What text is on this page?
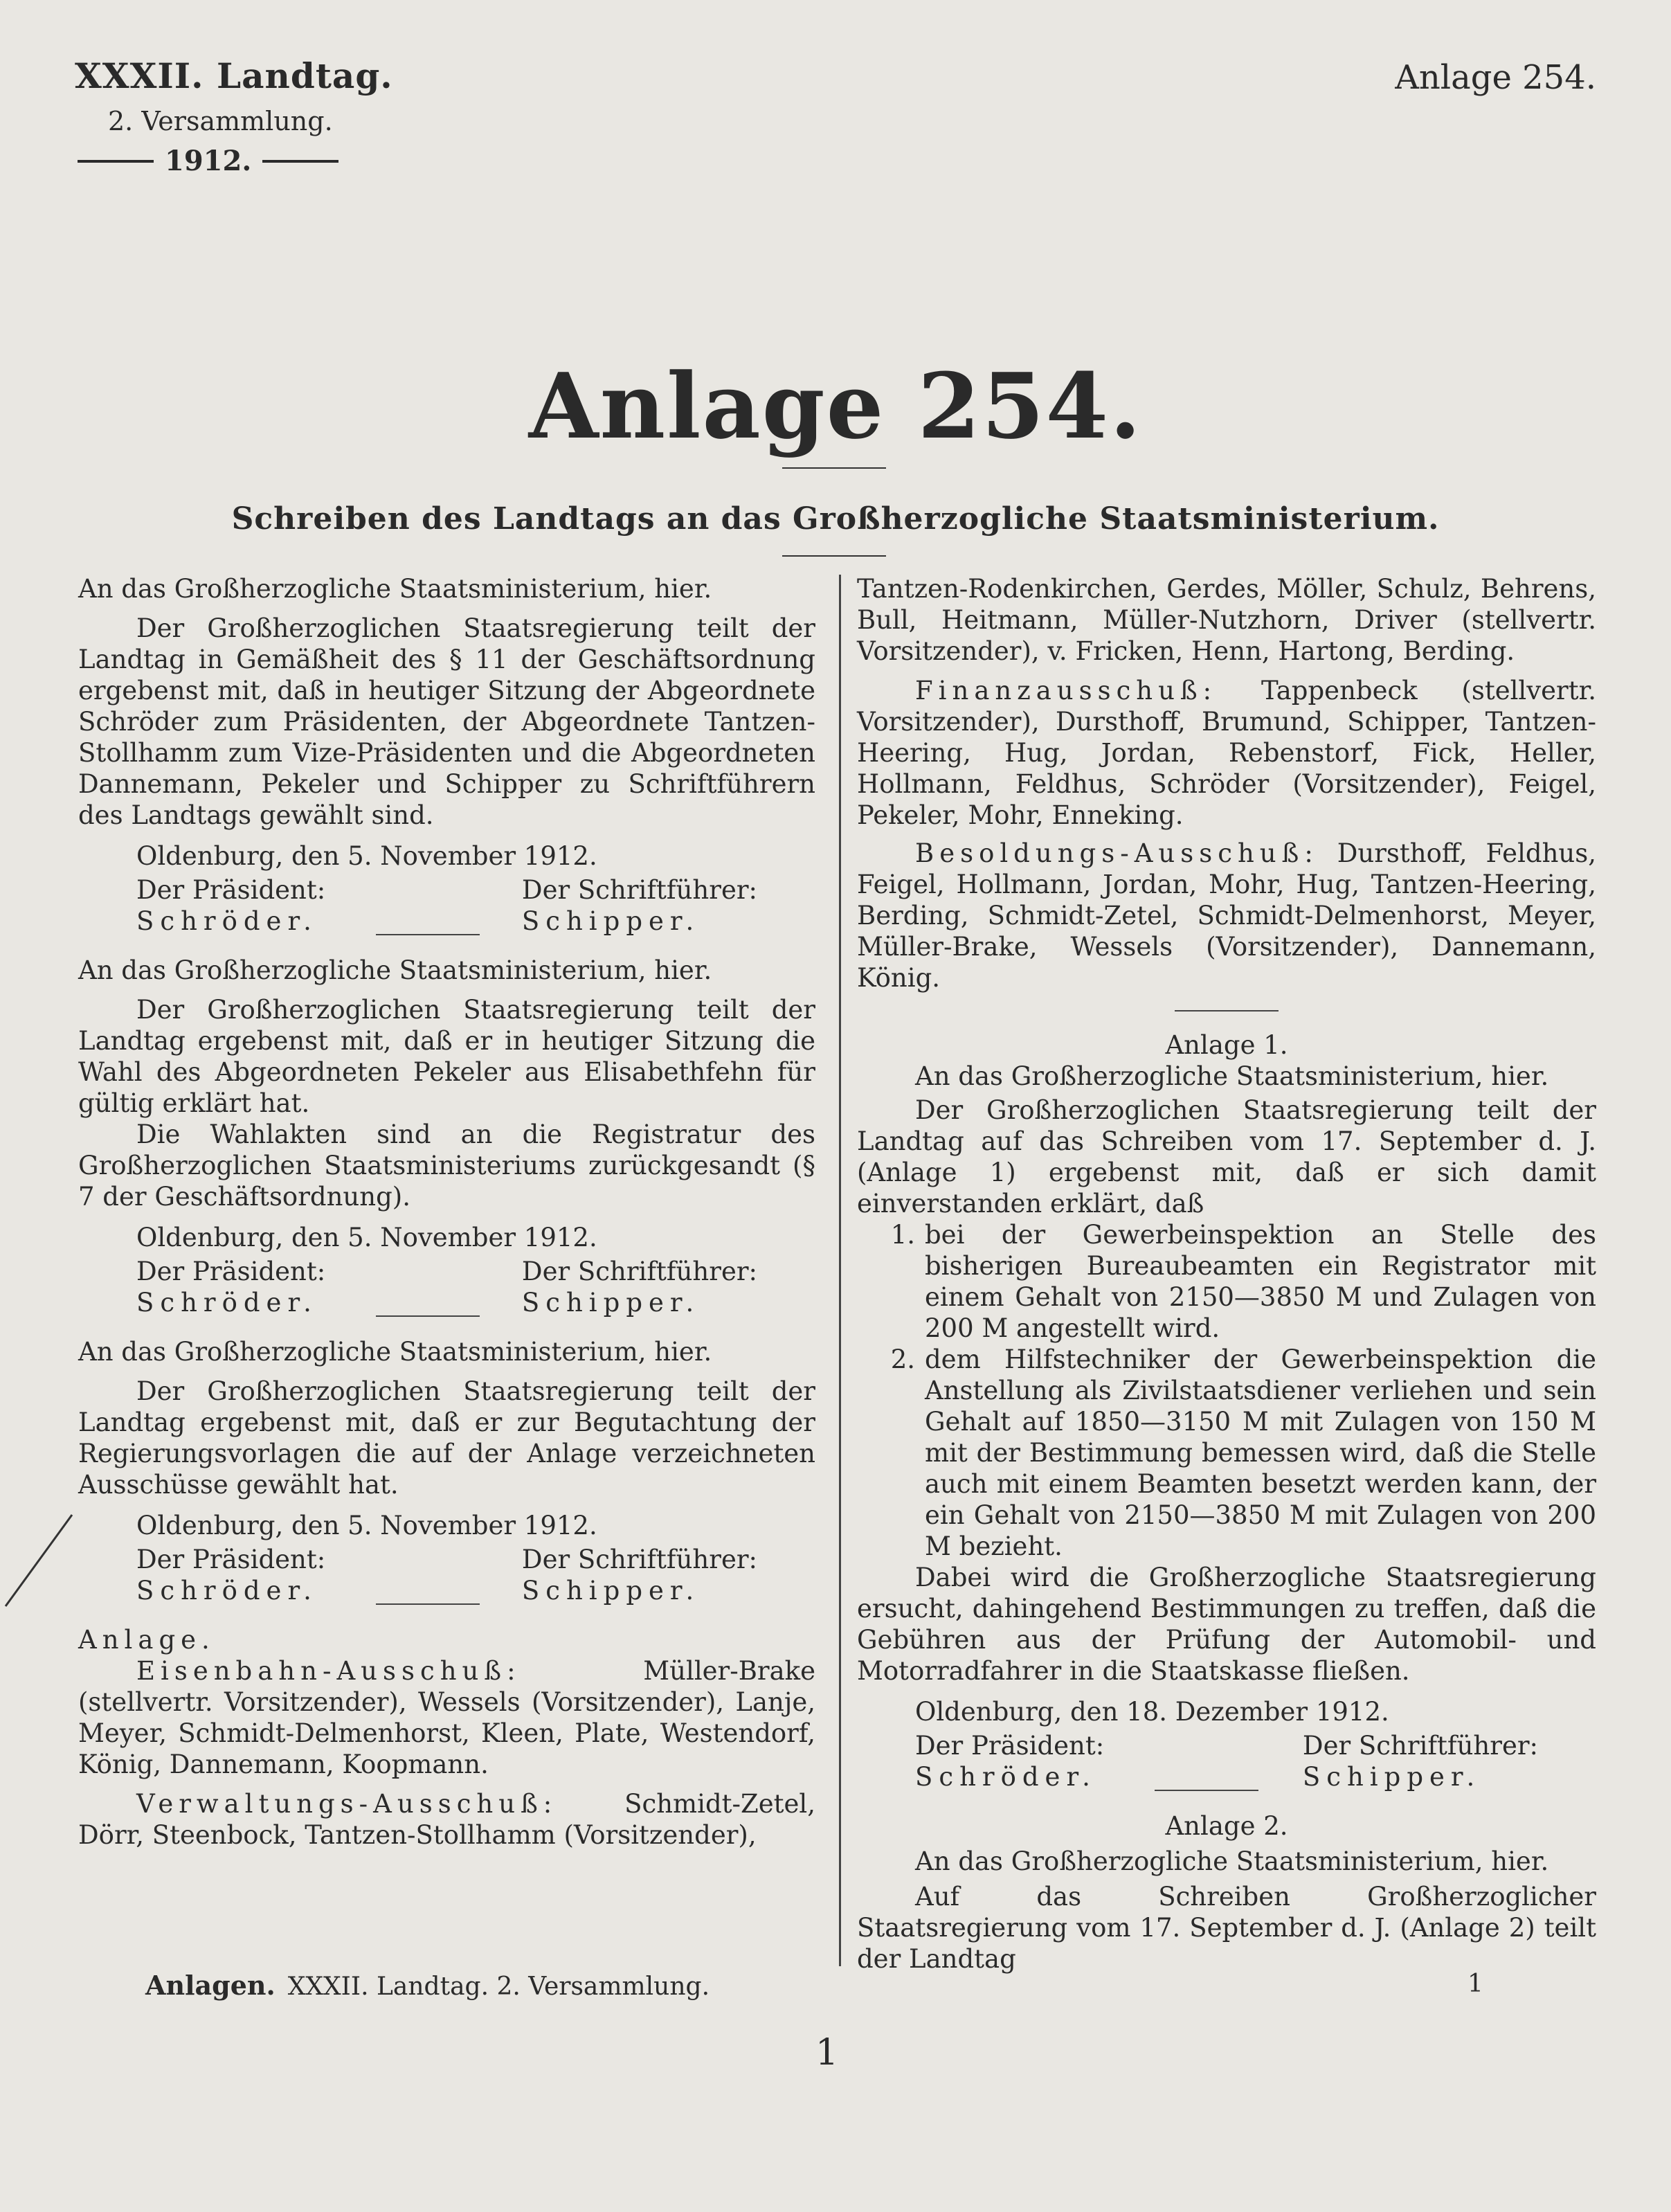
XXXII. Landtag.
2. Versammlung.
1912.
Anlage 254.
Anlage 254.
Schreiben des Landtags an das Großherzogliche Staatsministerium.

An das Großherzogliche Staatsministerium, hier.

Der Großherzoglichen Staatsregierung teilt der Landtag in Gemäßheit des § 11 der Geschäftsordnung ergebenst mit, daß in heutiger Sitzung der Abgeordnete Schröder zum Präsidenten, der Abgeordnete Tantzen-Stollhamm zum Vize-Präsidenten und die Abgeordneten Dannemann, Pekeler und Schipper zu Schriftführern des Landtags gewählt sind.

Oldenburg, den 5. November 1912.

Der Präsident:
Schröder.
Der Schriftführer:
Schipper.

An das Großherzogliche Staatsministerium, hier.

Der Großherzoglichen Staatsregierung teilt der Landtag ergebenst mit, daß er in heutiger Sitzung die Wahl des Abgeordneten Pekeler aus Elisabethfehn für gültig erklärt hat.

Die Wahlakten sind an die Registratur des Großherzoglichen Staatsministeriums zurückgesandt (§ 7 der Geschäftsordnung).

Oldenburg, den 5. November 1912.

Der Präsident:
Schröder.
Der Schriftführer:
Schipper.

An das Großherzogliche Staatsministerium, hier.

Der Großherzoglichen Staatsregierung teilt der Landtag ergebenst mit, daß er zur Begutachtung der Regierungsvorlagen die auf der Anlage verzeichneten Ausschüsse gewählt hat.

Oldenburg, den 5. November 1912.

Der Präsident:
Schröder.
Der Schriftführer:
Schipper.

Anlage.

Eisenbahn-Ausschuß:	Müller-Brake (stellvertr. Vorsitzender), Wessels (Vorsitzender), Lanje, Meyer, Schmidt-Delmenhorst, Kleen, Plate, Westendorf, König, Dannemann, Koopmann.

Verwaltungs-Ausschuß:	Schmidt-Zetel, Dörr, Steenbock, Tantzen-Stollhamm (Vorsitzender),

Tantzen-Rodenkirchen, Gerdes, Möller, Schulz, Behrens, Bull, Heitmann, Müller-Nutzhorn, Driver (stellvertr. Vorsitzender), v. Fricken, Henn, Hartong, Berding.

Finanzausschuß: Tappenbeck (stellvertr. Vorsitzender), Dursthoff, Brumund, Schipper, Tantzen-Heering, Hug, Jordan, Rebenstorf, Fick, Heller, Hollmann, Feldhus, Schröder (Vorsitzender), Feigel, Pekeler, Mohr, Enneking.

Besoldungs-Ausschuß: Dursthoff, Feldhus, Feigel, Hollmann, Jordan, Mohr, Hug, Tantzen-Heering, Berding, Schmidt-Zetel, Schmidt-Delmenhorst, Meyer, Müller-Brake, Wessels (Vorsitzender), Dannemann, König.

Anlage 1.

An das Großherzogliche Staatsministerium, hier.

Der Großherzoglichen Staatsregierung teilt der Landtag auf das Schreiben vom 17. September d. J. (Anlage 1) ergebenst mit, daß er sich damit einverstanden erklärt, daß

1. bei der Gewerbeinspektion an Stelle des bisherigen Bureaubeamten ein Registrator mit einem Gehalt von 2150—3850 M und Zulagen von 200 M angestellt wird.
2. dem Hilfstechniker der Gewerbeinspektion die Anstellung als Zivilstaatsdiener verliehen und sein Gehalt auf 1850—3150 M mit Zulagen von 150 M mit der Bestimmung bemessen wird, daß die Stelle auch mit einem Beamten besetzt werden kann, der ein Gehalt von 2150—3850 M mit Zulagen von 200 M bezieht.

Dabei wird die Großherzogliche Staatsregierung ersucht, dahingehend Bestimmungen zu treffen, daß die Gebühren aus der Prüfung der Automobil- und Motorradfahrer in die Staatskasse fließen.

Oldenburg, den 18. Dezember 1912.

Der Präsident:
Schröder.
Der Schriftführer:
Schipper.

Anlage 2.

An das Großherzogliche Staatsministerium, hier.

Auf das Schreiben Großherzoglicher Staatsregierung vom 17. September d. J. (Anlage 2) teilt der Landtag

Anlagen. XXXII. Landtag. 2. Versammlung.	1
1
